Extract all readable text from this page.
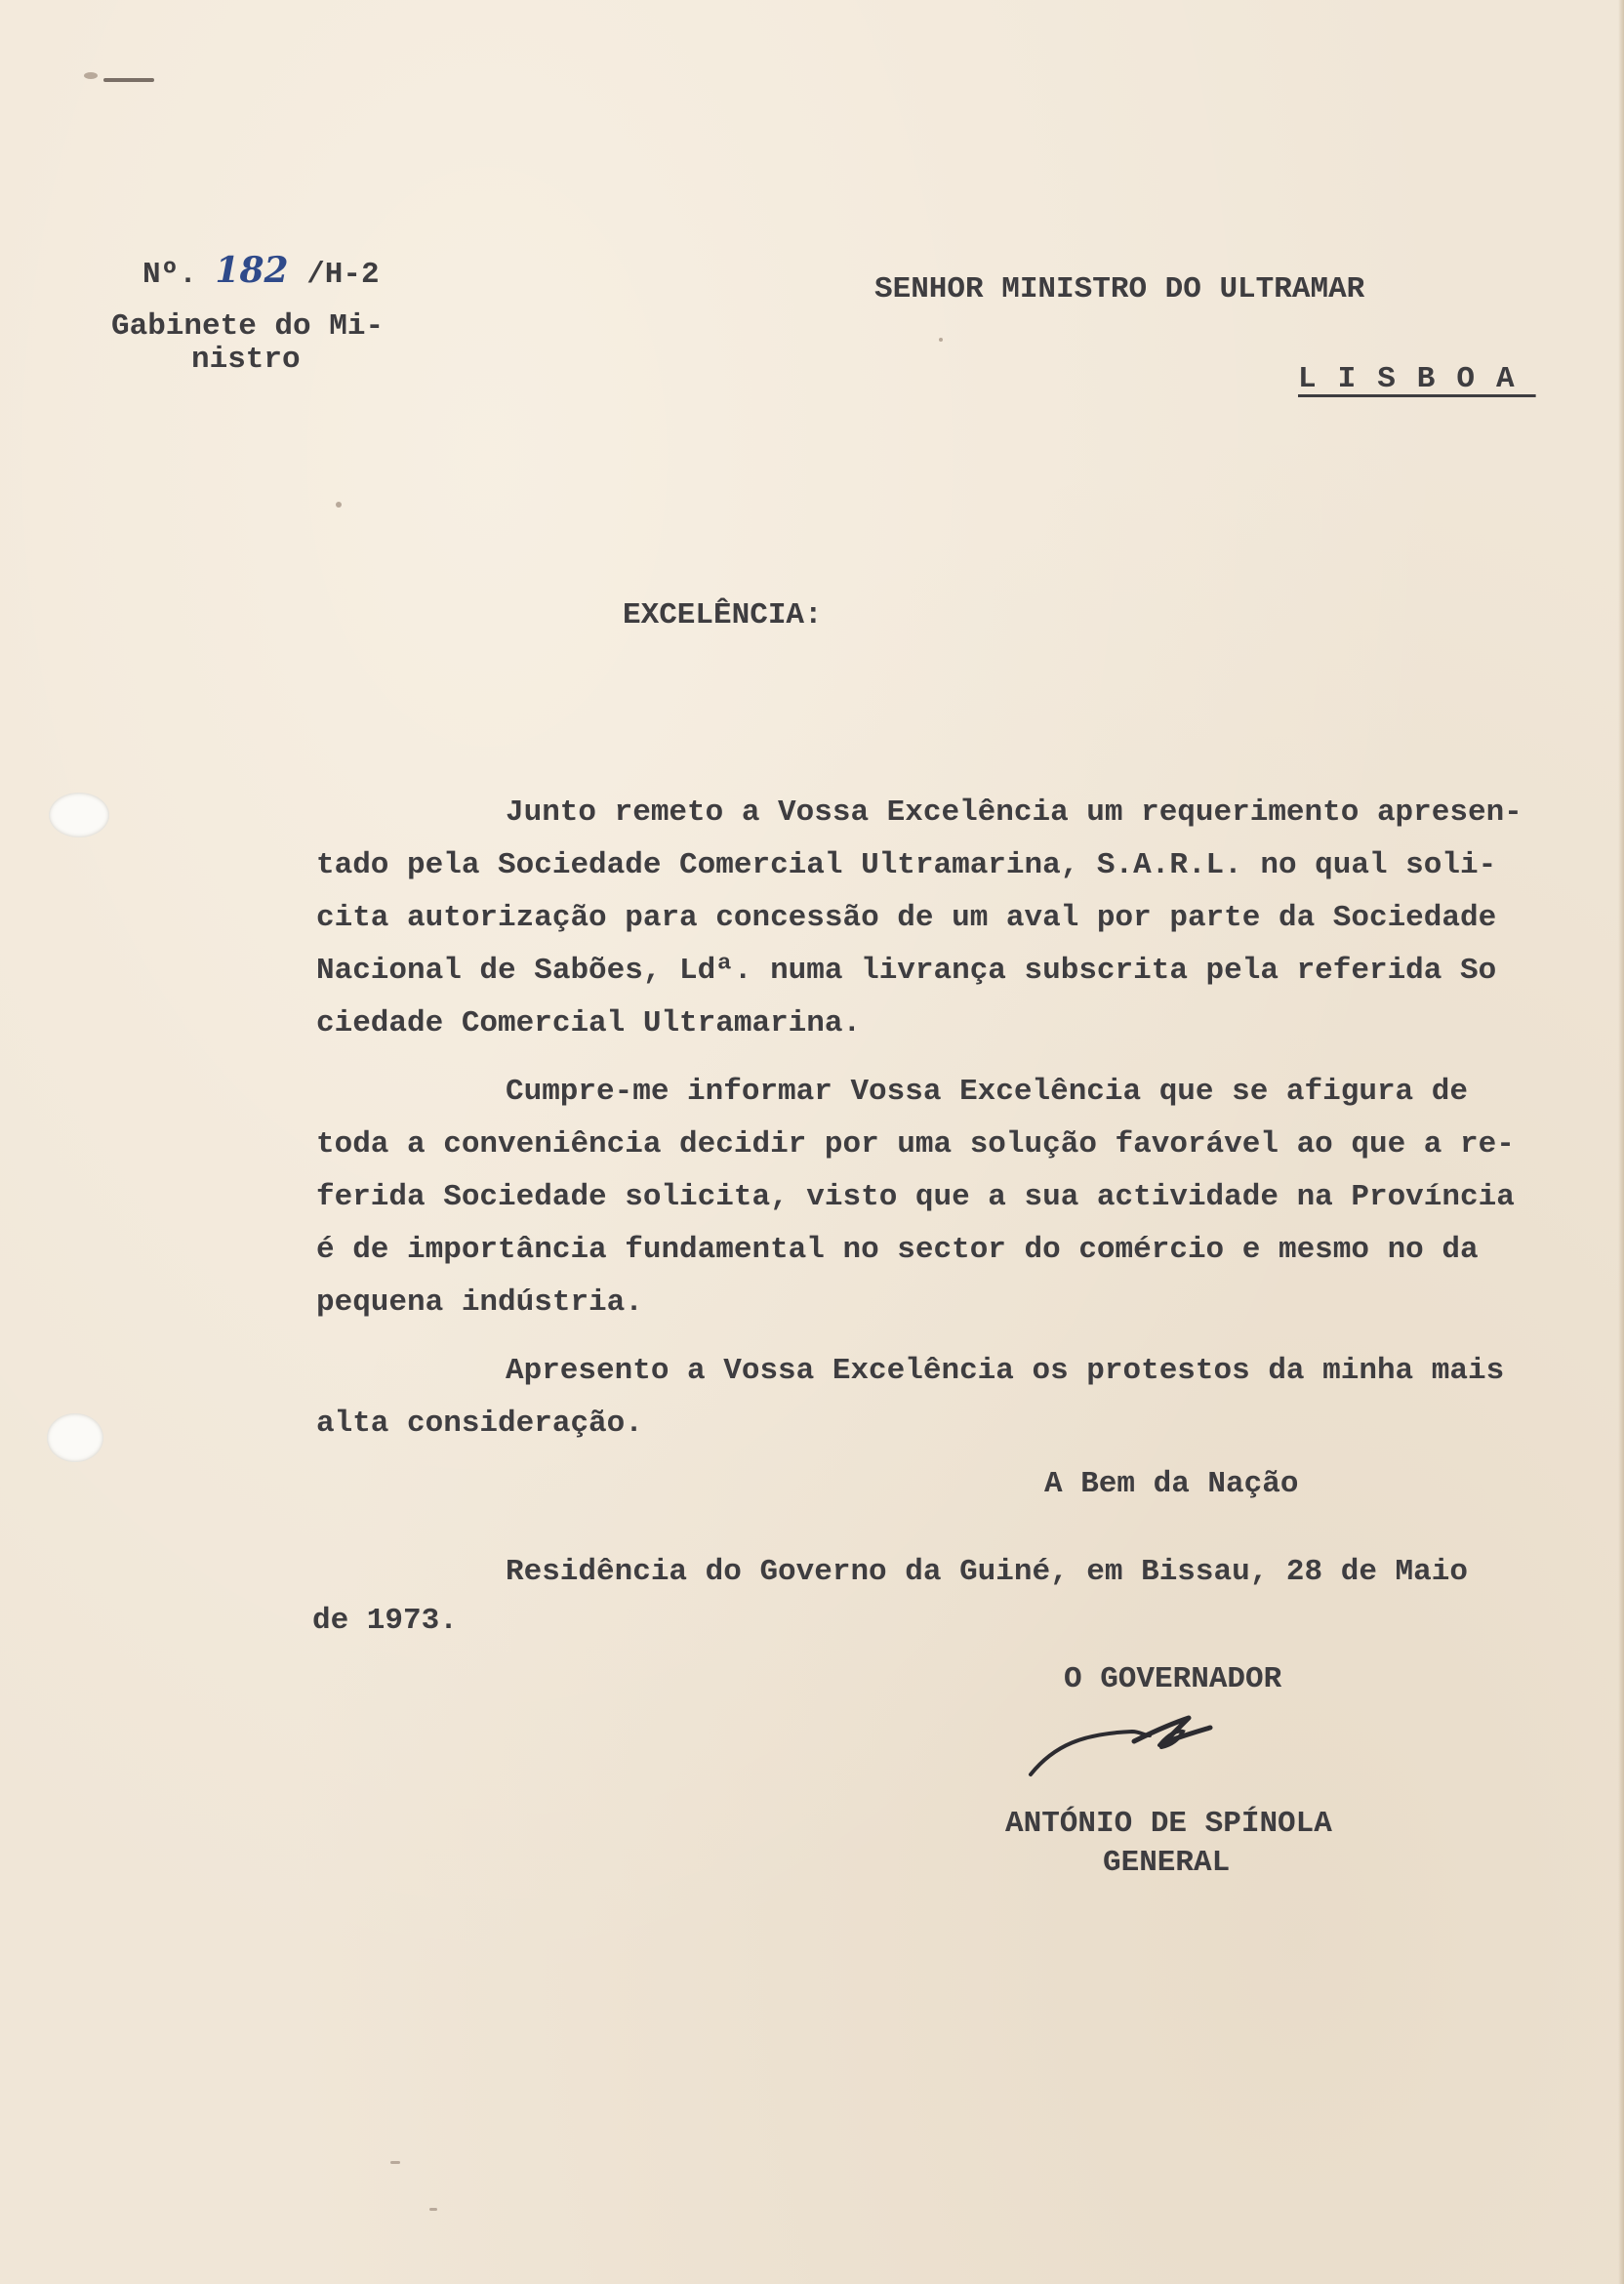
Nº. 182 /H-2
Gabinete do Mi-
nistro
SENHOR MINISTRO DO ULTRAMAR
LISBOA
EXCELÊNCIA:
Junto remeto a Vossa Excelência um requerimento apresen-
tado pela Sociedade Comercial Ultramarina, S.A.R.L. no qual soli-
cita autorização para concessão de um aval por parte da Sociedade
Nacional de Sabões, Ldª. numa livrança subscrita pela referida So
ciedade Comercial Ultramarina.
Cumpre-me informar Vossa Excelência que se afigura de
toda a conveniência decidir por uma solução favorável ao que a re-
ferida Sociedade solicita, visto que a sua actividade na Província
é de importância fundamental no sector do comércio e mesmo no da
pequena indústria.
Apresento a Vossa Excelência os protestos da minha mais
alta consideração.
A Bem da Nação
Residência do Governo da Guiné, em Bissau, 28 de Maio
de 1973.
O GOVERNADOR
ANTÓNIO DE SPÍNOLA
GENERAL
